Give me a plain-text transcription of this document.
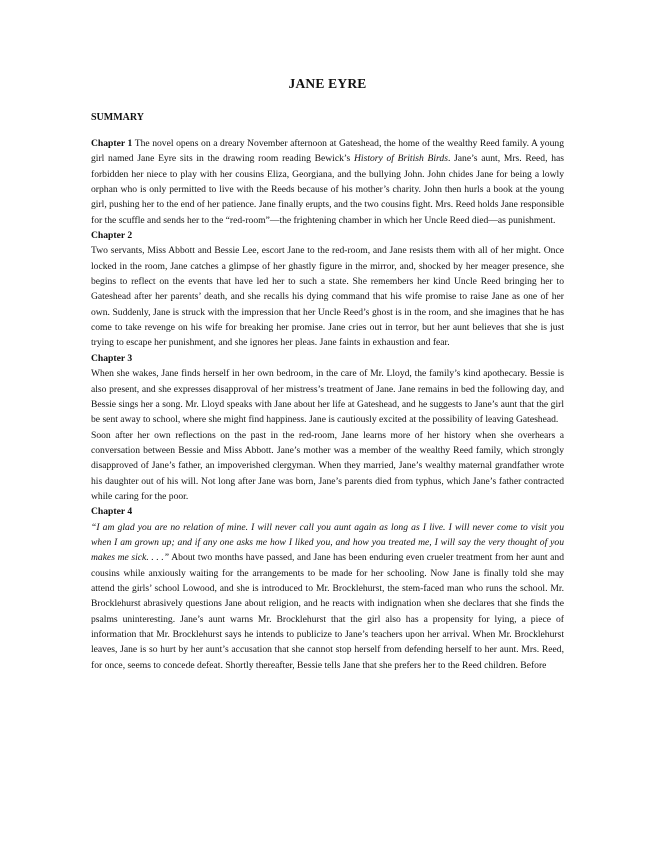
JANE EYRE
SUMMARY

Chapter 1 The novel opens on a dreary November afternoon at Gateshead, the home of the wealthy Reed family. A young girl named Jane Eyre sits in the drawing room reading Bewick’s History of British Birds. Jane’s aunt, Mrs. Reed, has forbidden her niece to play with her cousins Eliza, Georgiana, and the bullying John. John chides Jane for being a lowly orphan who is only permitted to live with the Reeds because of his mother’s charity. John then hurls a book at the young girl, pushing her to the end of her patience. Jane finally erupts, and the two cousins fight. Mrs. Reed holds Jane responsible for the scuffle and sends her to the “red-room”—the frightening chamber in which her Uncle Reed died—as punishment.

Chapter 2

Two servants, Miss Abbott and Bessie Lee, escort Jane to the red-room, and Jane resists them with all of her might. Once locked in the room, Jane catches a glimpse of her ghastly figure in the mirror, and, shocked by her meager presence, she begins to reflect on the events that have led her to such a state. She remembers her kind Uncle Reed bringing her to Gateshead after her parents’ death, and she recalls his dying command that his wife promise to raise Jane as one of her own. Suddenly, Jane is struck with the impression that her Uncle Reed’s ghost is in the room, and she imagines that he has come to take revenge on his wife for breaking her promise. Jane cries out in terror, but her aunt believes that she is just trying to escape her punishment, and she ignores her pleas. Jane faints in exhaustion and fear.

Chapter 3

When she wakes, Jane finds herself in her own bedroom, in the care of Mr. Lloyd, the family’s kind apothecary. Bessie is also present, and she expresses disapproval of her mistress’s treatment of Jane. Jane remains in bed the following day, and Bessie sings her a song. Mr. Lloyd speaks with Jane about her life at Gateshead, and he suggests to Jane’s aunt that the girl be sent away to school, where she might find happiness. Jane is cautiously excited at the possibility of leaving Gateshead.

Soon after her own reflections on the past in the red-room, Jane learns more of her history when she overhears a conversation between Bessie and Miss Abbott. Jane’s mother was a member of the wealthy Reed family, which strongly disapproved of Jane’s father, an impoverished clergyman. When they married, Jane’s wealthy maternal grandfather wrote his daughter out of his will. Not long after Jane was born, Jane’s parents died from typhus, which Jane’s father contracted while caring for the poor.

Chapter 4

“I am glad you are no relation of mine. I will never call you aunt again as long as I live. I will never come to visit you when I am grown up; and if any one asks me how I liked you, and how you treated me, I will say the very thought of you makes me sick. . . .” About two months have passed, and Jane has been enduring even crueler treatment from her aunt and cousins while anxiously waiting for the arrangements to be made for her schooling. Now Jane is finally told she may attend the girls’ school Lowood, and she is introduced to Mr. Brocklehurst, the stem-faced man who runs the school. Mr. Brocklehurst abrasively questions Jane about religion, and he reacts with indignation when she declares that she finds the psalms uninteresting. Jane’s aunt warns Mr. Brocklehurst that the girl also has a propensity for lying, a piece of information that Mr. Brocklehurst says he intends to publicize to Jane’s teachers upon her arrival. When Mr. Brocklehurst leaves, Jane is so hurt by her aunt’s accusation that she cannot stop herself from defending herself to her aunt. Mrs. Reed, for once, seems to concede defeat. Shortly thereafter, Bessie tells Jane that she prefers her to the Reed children. Before
